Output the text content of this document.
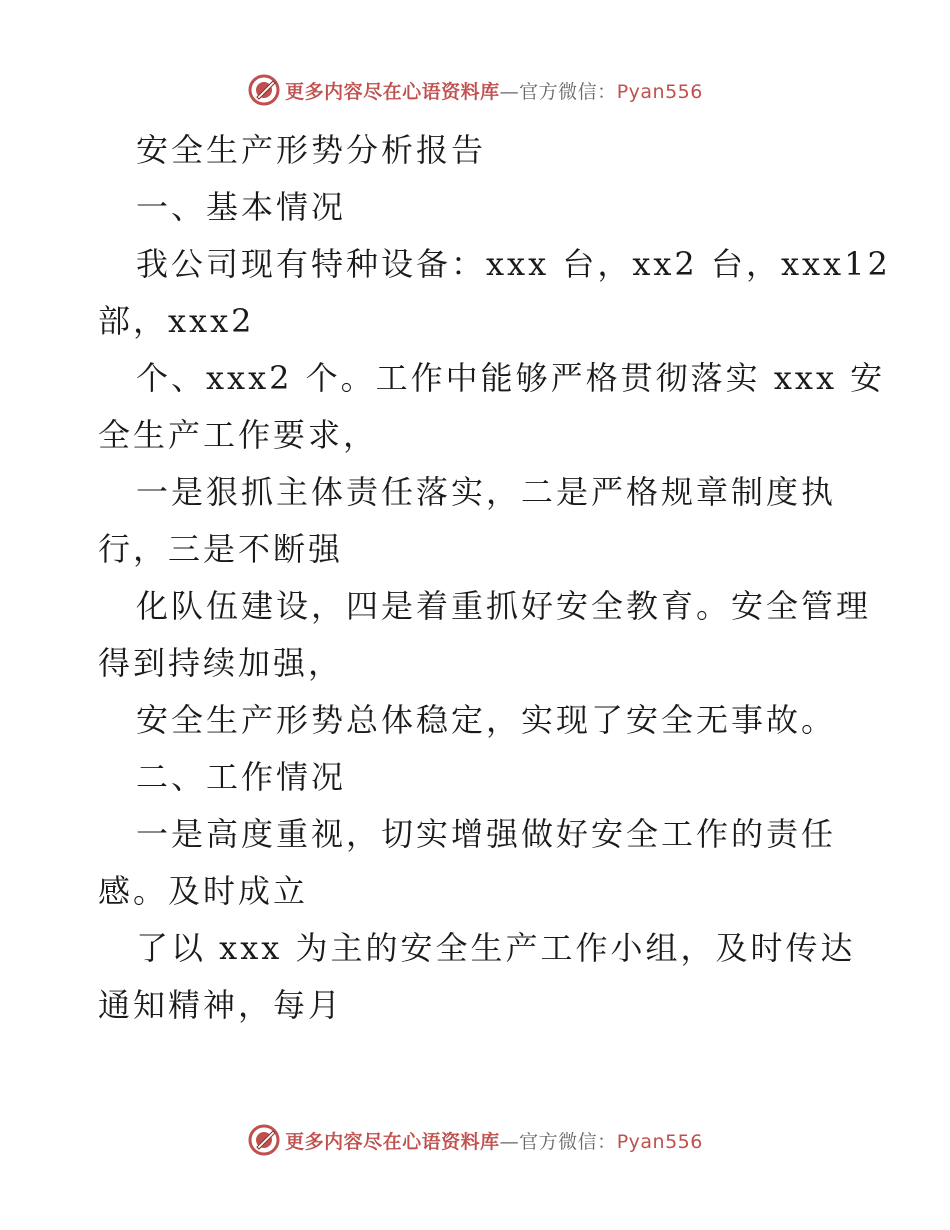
更多内容尽在心语资料库—官方微信：Pyan556
安全生产形势分析报告
一、基本情况
我公司现有特种设备：xxx 台，xx2 台，xxx12
部，xxx2
个、xxx2 个。工作中能够严格贯彻落实 xxx 安
全生产工作要求，
一是狠抓主体责任落实，二是严格规章制度执
行，三是不断强
化队伍建设，四是着重抓好安全教育。安全管理
得到持续加强，
安全生产形势总体稳定，实现了安全无事故。
二、工作情况
一是高度重视，切实增强做好安全工作的责任
感。及时成立
了以 xxx 为主的安全生产工作小组，及时传达
通知精神，每月
更多内容尽在心语资料库—官方微信：Pyan556
